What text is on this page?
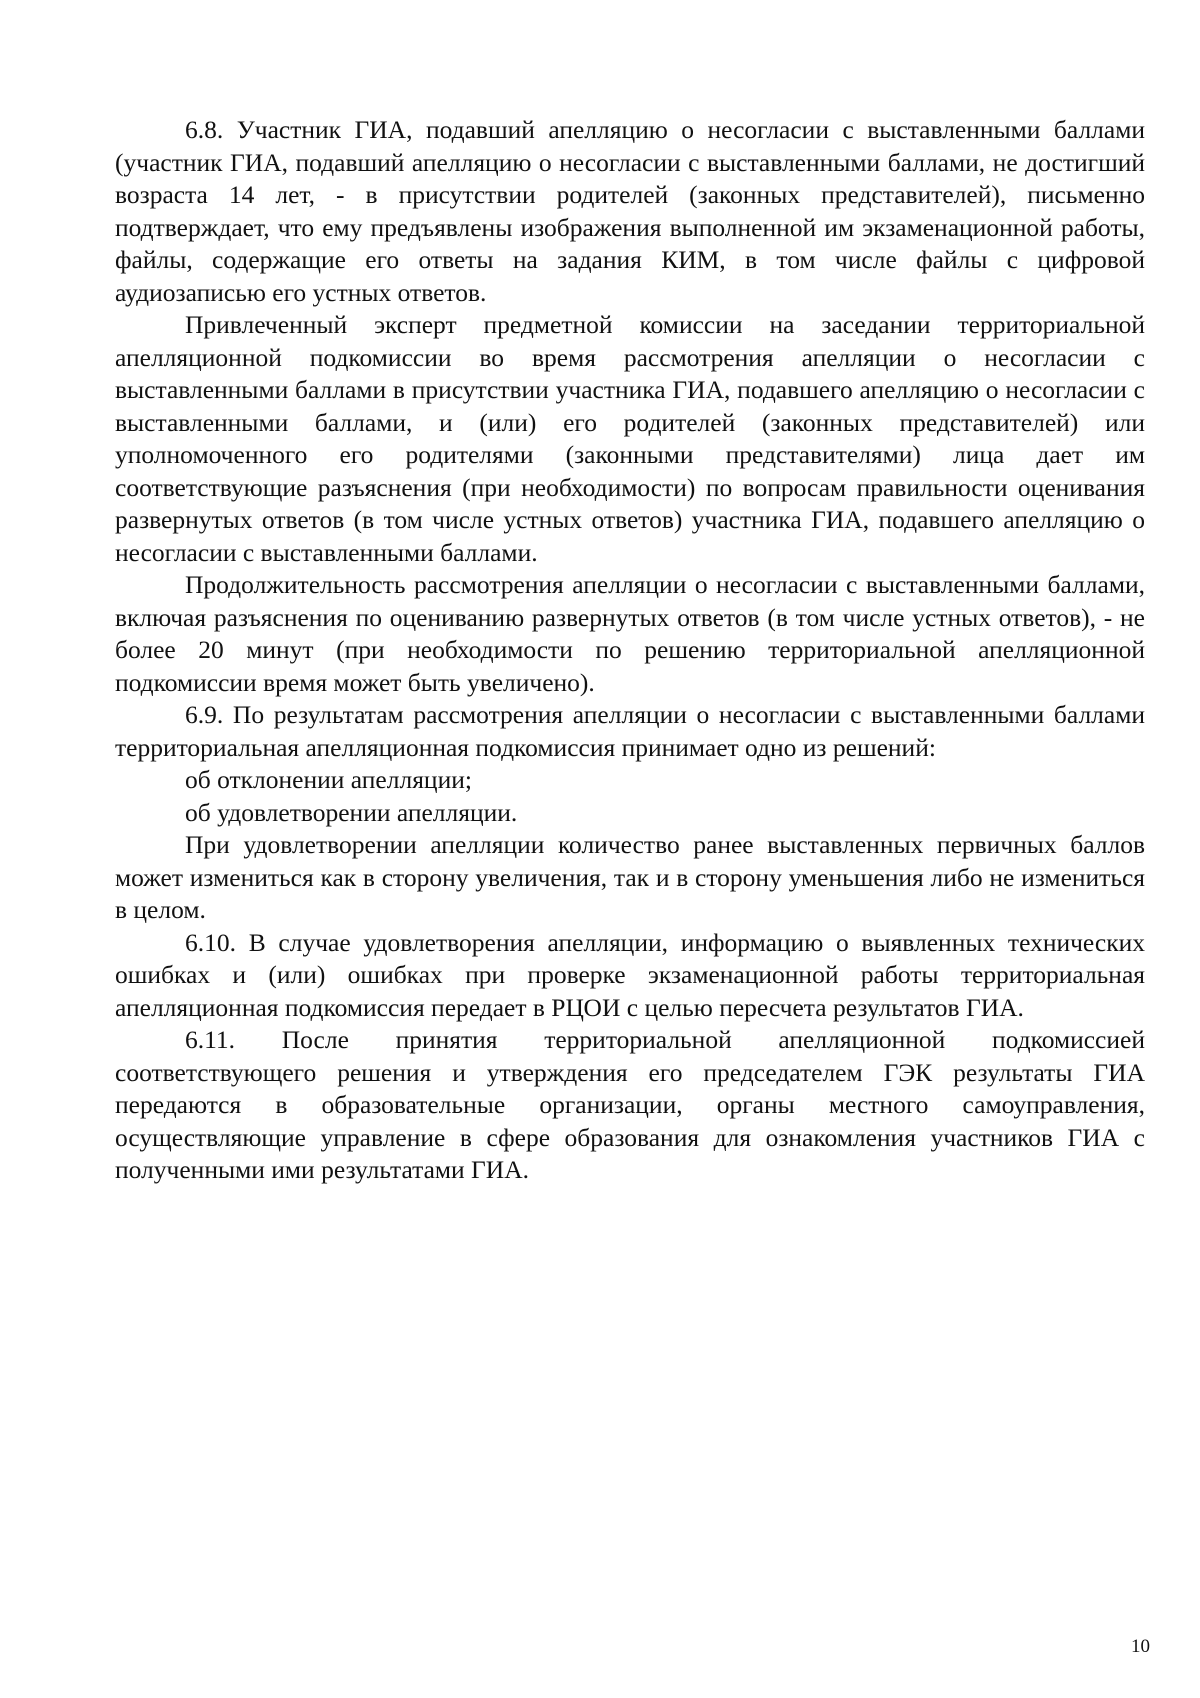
6.8. Участник ГИА, подавший апелляцию о несогласии с выставленными баллами (участник ГИА, подавший апелляцию о несогласии с выставленными баллами, не достигший возраста 14 лет, - в присутствии родителей (законных представителей), письменно подтверждает, что ему предъявлены изображения выполненной им экзаменационной работы, файлы, содержащие его ответы на задания КИМ, в том числе файлы с цифровой аудиозаписью его устных ответов.

Привлеченный эксперт предметной комиссии на заседании территориальной апелляционной подкомиссии во время рассмотрения апелляции о несогласии с выставленными баллами в присутствии участника ГИА, подавшего апелляцию о несогласии с выставленными баллами, и (или) его родителей (законных представителей) или уполномоченного его родителями (законными представителями) лица дает им соответствующие разъяснения (при необходимости) по вопросам правильности оценивания развернутых ответов (в том числе устных ответов) участника ГИА, подавшего апелляцию о несогласии с выставленными баллами.

Продолжительность рассмотрения апелляции о несогласии с выставленными баллами, включая разъяснения по оцениванию развернутых ответов (в том числе устных ответов), - не более 20 минут (при необходимости по решению территориальной апелляционной подкомиссии время может быть увеличено).

6.9. По результатам рассмотрения апелляции о несогласии с выставленными баллами территориальная апелляционная подкомиссия принимает одно из решений:

об отклонении апелляции;

об удовлетворении апелляции.

При удовлетворении апелляции количество ранее выставленных первичных баллов может измениться как в сторону увеличения, так и в сторону уменьшения либо не измениться в целом.

6.10. В случае удовлетворения апелляции, информацию о выявленных технических ошибках и (или) ошибках при проверке экзаменационной работы территориальная апелляционная подкомиссия передает в РЦОИ с целью пересчета результатов ГИА.

6.11. После принятия территориальной апелляционной подкомиссией соответствующего решения и утверждения его председателем ГЭК результаты ГИА передаются в образовательные организации, органы местного самоуправления, осуществляющие управление в сфере образования для ознакомления участников ГИА с полученными ими результатами ГИА.

10
